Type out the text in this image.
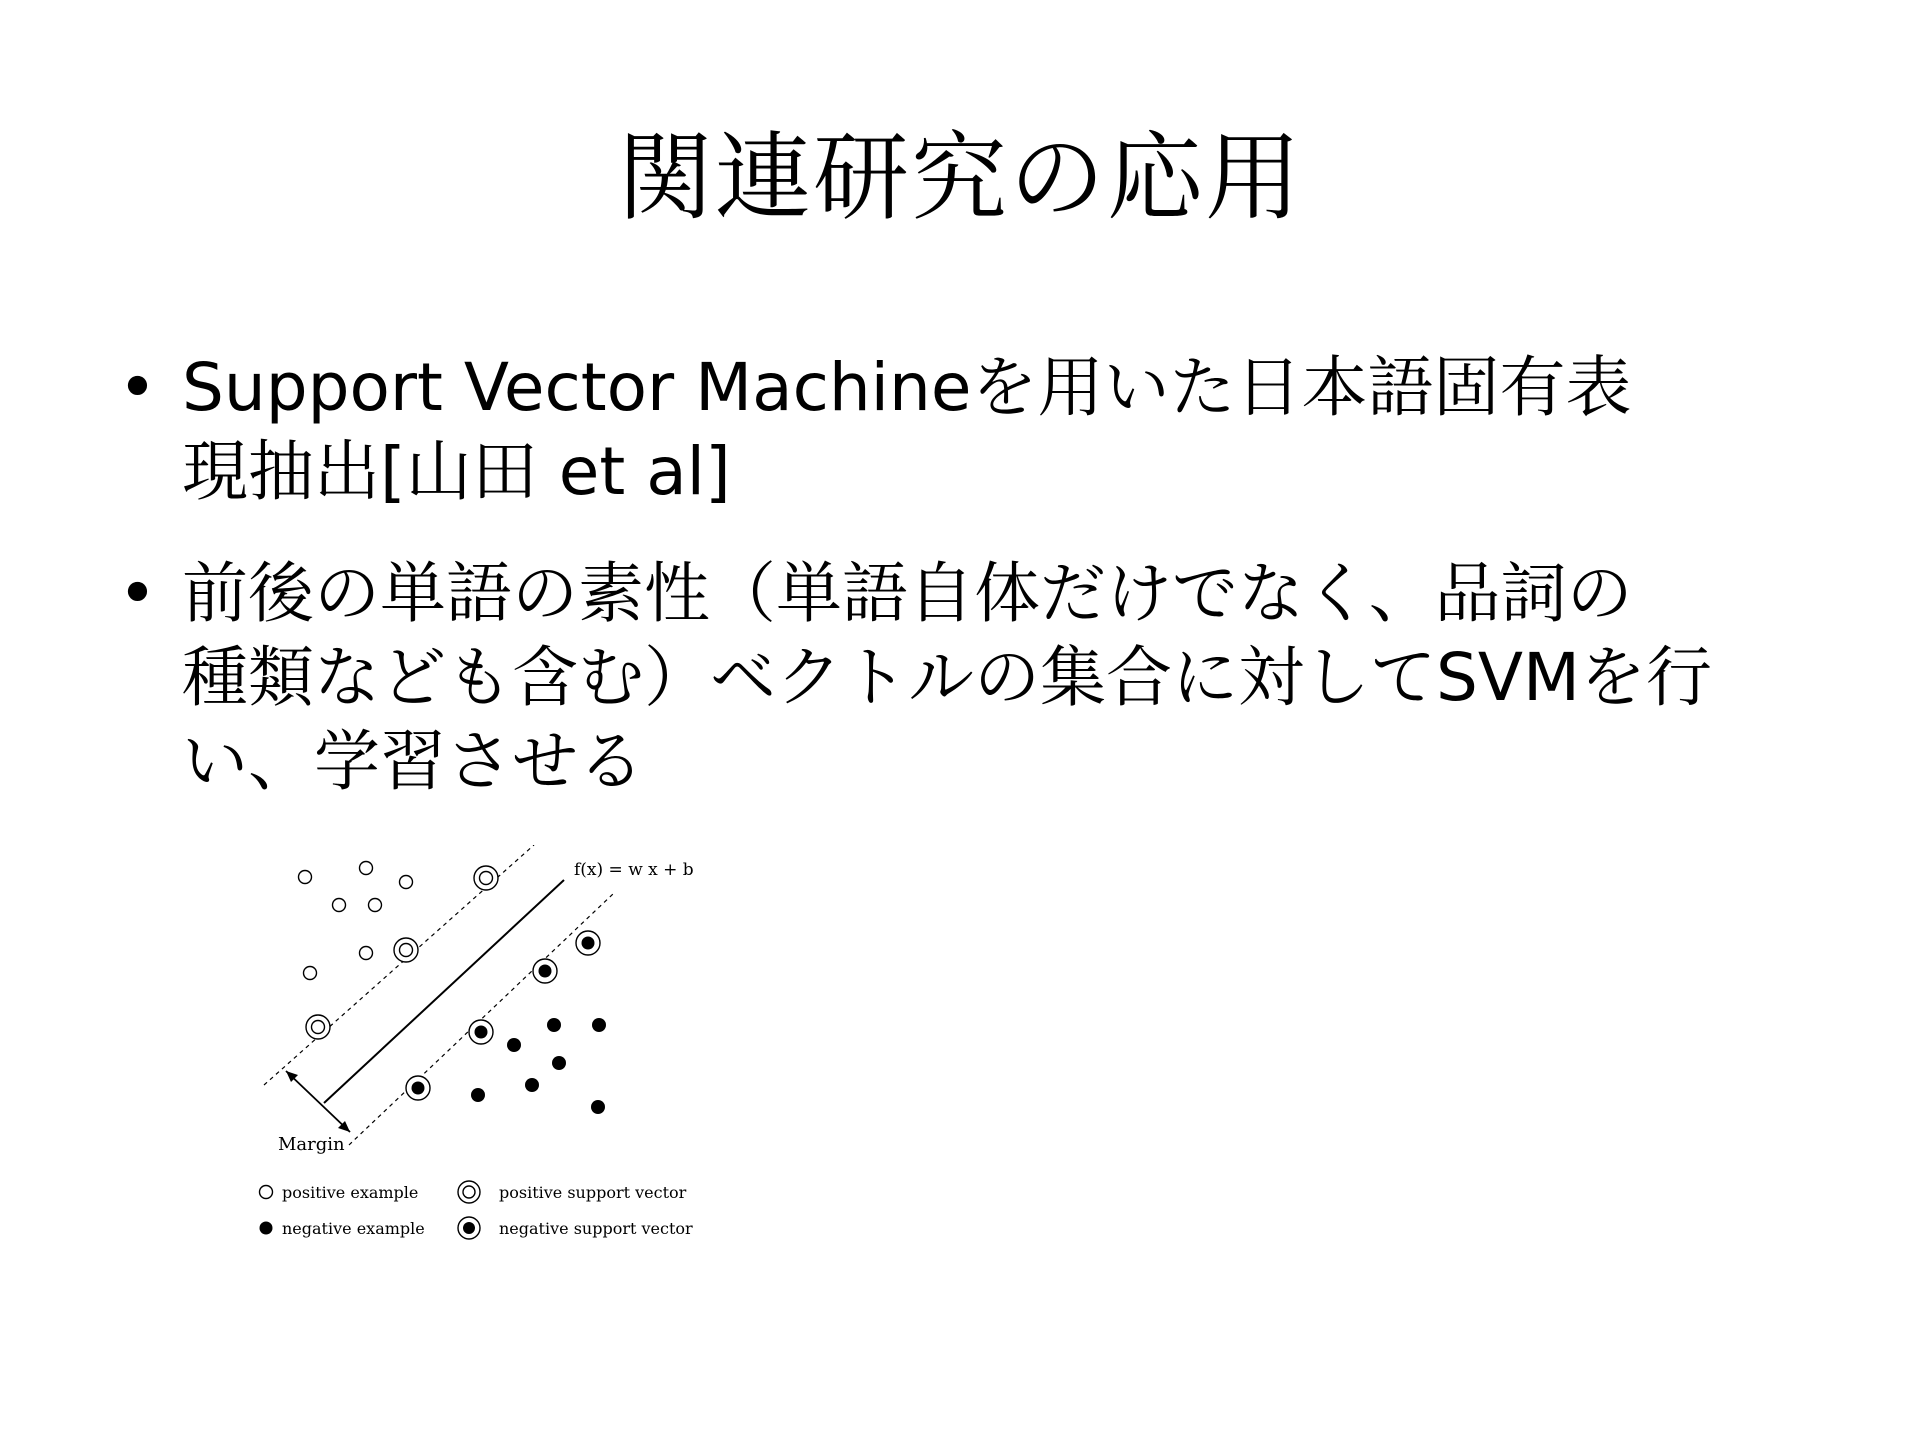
関連研究の応用
• Support Vector Machineを用いた日本語固有表
現抽出[山田 et al]
• 前後の単語の素性（単語自体だけでなく、品詞の
種類なども含む）ベクトルの集合に対してSVMを行
い、学習させる
f(x) = w x + b
Margin
positive example
negative example
positive support vector
negative support vector
